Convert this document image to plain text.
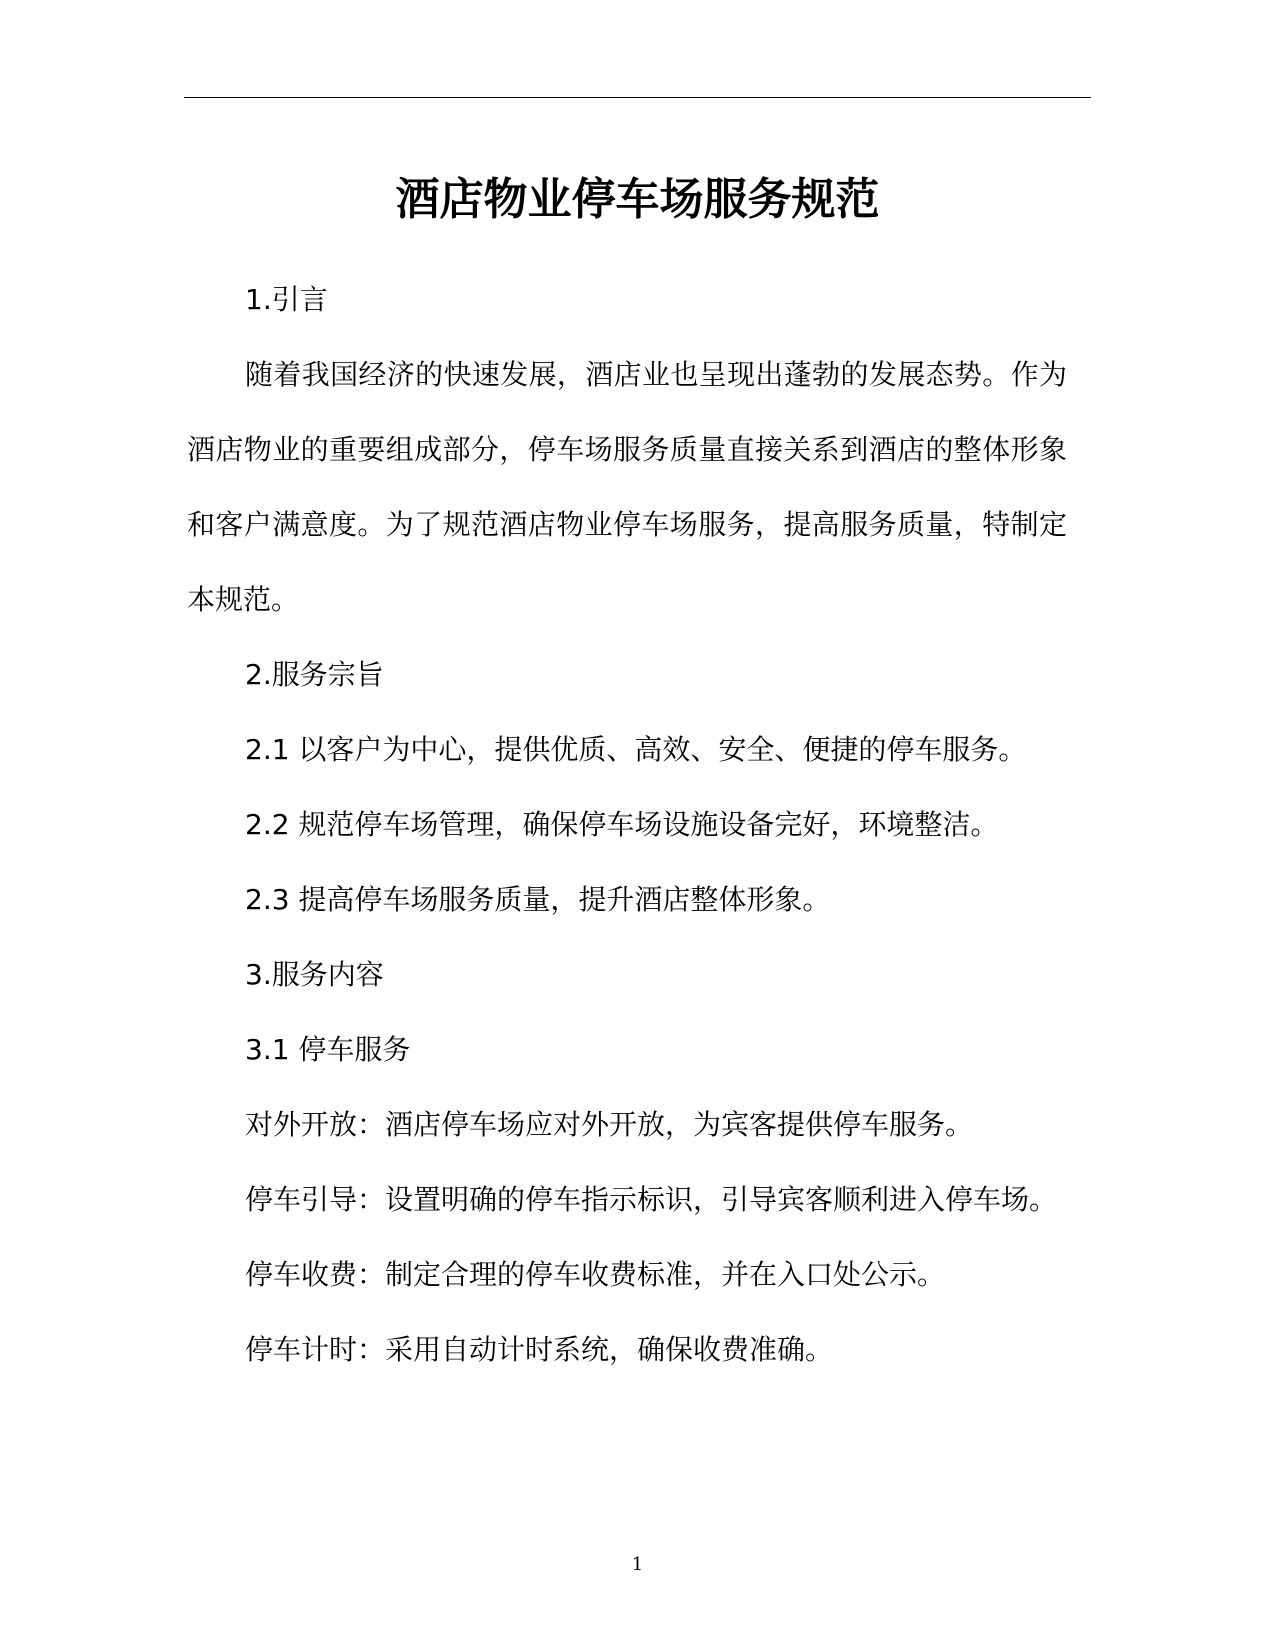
酒店物业停车场服务规范

1.引言

随着我国经济的快速发展，酒店业也呈现出蓬勃的发展态势。作为酒店物业的重要组成部分，停车场服务质量直接关系到酒店的整体形象和客户满意度。为了规范酒店物业停车场服务，提高服务质量，特制定本规范。

2.服务宗旨

2.1 以客户为中心，提供优质、高效、安全、便捷的停车服务。

2.2 规范停车场管理，确保停车场设施设备完好，环境整洁。

2.3 提高停车场服务质量，提升酒店整体形象。

3.服务内容

3.1 停车服务

对外开放：酒店停车场应对外开放，为宾客提供停车服务。

停车引导：设置明确的停车指示标识，引导宾客顺利进入停车场。

停车收费：制定合理的停车收费标准，并在入口处公示。

停车计时：采用自动计时系统，确保收费准确。

1
